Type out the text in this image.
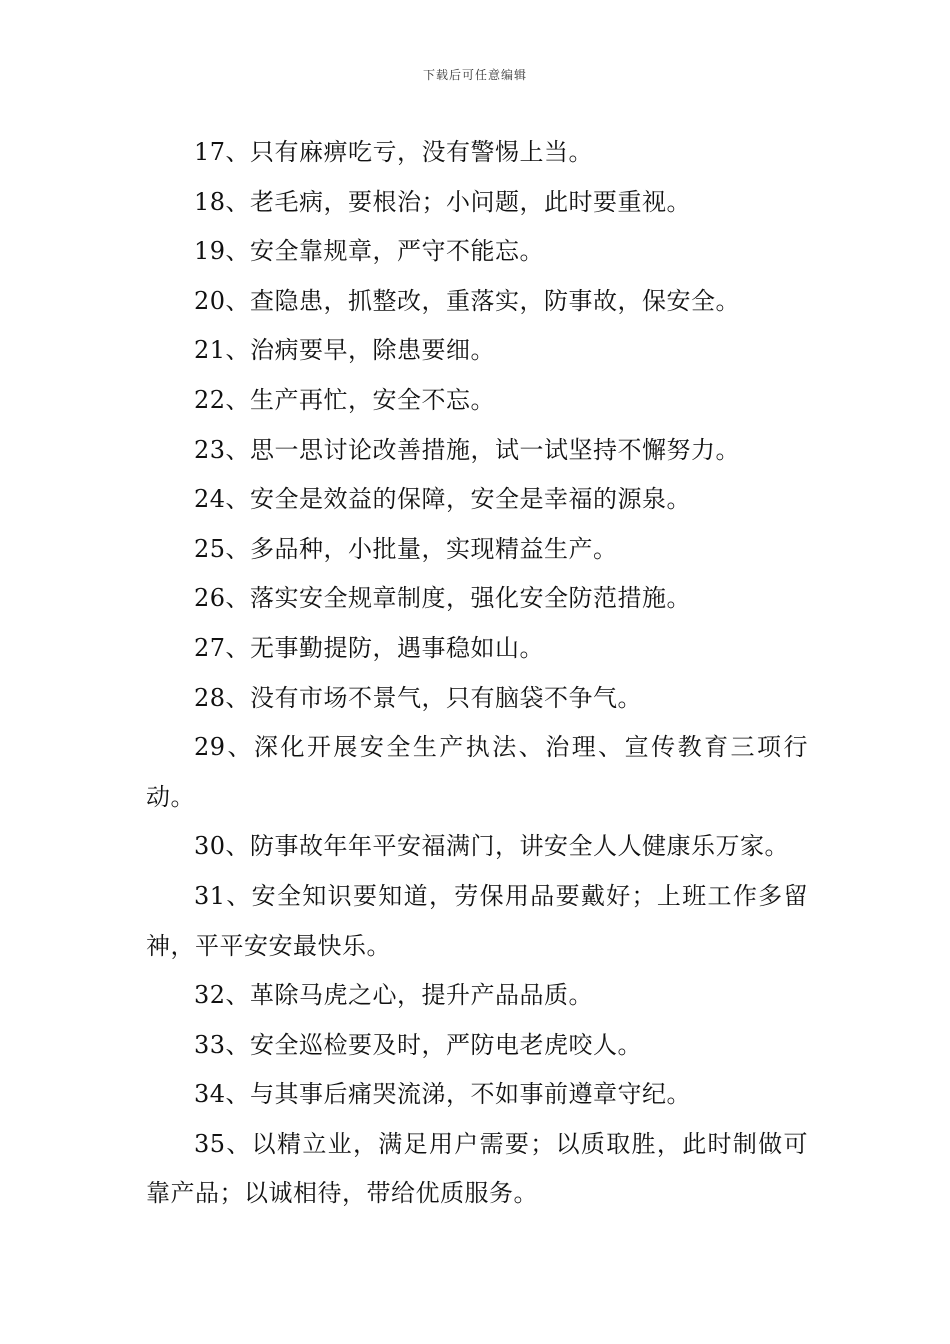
下载后可任意编辑

17、只有麻痹吃亏，没有警惕上当。

18、老毛病，要根治；小问题，此时要重视。

19、安全靠规章，严守不能忘。

20、查隐患，抓整改，重落实，防事故，保安全。

21、治病要早，除患要细。

22、生产再忙，安全不忘。

23、思一思讨论改善措施，试一试坚持不懈努力。

24、安全是效益的保障，安全是幸福的源泉。

25、多品种，小批量，实现精益生产。

26、落实安全规章制度，强化安全防范措施。

27、无事勤提防，遇事稳如山。

28、没有市场不景气，只有脑袋不争气。

29、深化开展安全生产执法、治理、宣传教育三项行动。

30、防事故年年平安福满门，讲安全人人健康乐万家。

31、安全知识要知道，劳保用品要戴好；上班工作多留神，平平安安最快乐。

32、革除马虎之心，提升产品品质。

33、安全巡检要及时，严防电老虎咬人。

34、与其事后痛哭流涕，不如事前遵章守纪。

35、以精立业，满足用户需要；以质取胜，此时制做可靠产品；以诚相待，带给优质服务。
